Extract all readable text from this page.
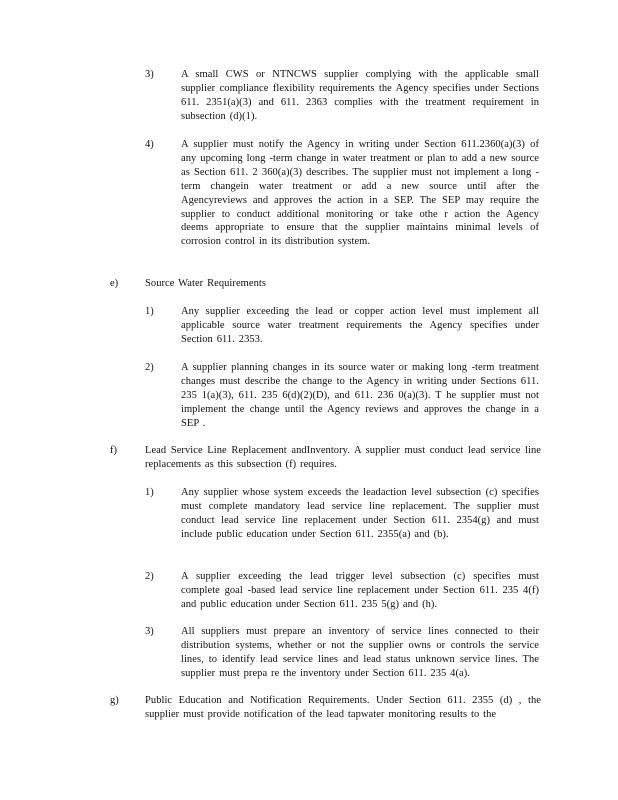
3)	A small CWS or NTNCWS supplier complying with the applicable small supplier compliance flexibility requirements the Agency specifies under Sections 611. 2351(a)(3) and 611. 2363 complies with the treatment requirement in subsection (d)(1).
4)	A supplier must notify the Agency in writing under Section 611.2360(a)(3) of any upcoming long -term change in water treatment or plan to add a new source as Section 611. 2 360(a)(3) describes. The supplier must not implement a long -term changein water treatment or add a new source until after the Agencyreviews and approves the action in a SEP. The SEP may require the supplier to conduct additional monitoring or take othe r action the Agency deems appropriate to ensure that the supplier maintains minimal levels of corrosion control in its distribution system.
e)	Source Water Requirements
1)	Any supplier exceeding the lead or copper action level must implement all applicable source water treatment requirements the Agency specifies under Section 611. 2353.
2)	A supplier planning changes in its source water or making long -term treatment changes must describe the change to the Agency in writing under Sections 611. 235 1(a)(3), 611. 235 6(d)(2)(D), and 611. 236 0(a)(3). T he supplier must not implement the change until the Agency reviews and approves the change in a SEP .
f)	Lead Service Line Replacement andInventory. A supplier must conduct lead service line replacements as this subsection (f) requires.
1)	Any supplier whose system exceeds the leadaction level subsection (c) specifies must complete mandatory lead service line replacement. The supplier must conduct lead service line replacement under Section 611. 2354(g) and must include public education under Section 611. 2355(a) and (b).
2)	A supplier exceeding the lead trigger level subsection (c) specifies must complete goal -based lead service line replacement under Section 611. 235 4(f) and public education under Section 611. 235 5(g) and (h).
3)	All suppliers must prepare an inventory of service lines connected to their distribution systems, whether or not the supplier owns or controls the service lines, to identify lead service lines and lead status unknown service lines. The supplier must prepa re the inventory under Section 611. 235 4(a).
g)	Public Education and Notification Requirements. Under Section 611. 2355 (d) , the supplier must provide notification of the lead tapwater monitoring results to the
